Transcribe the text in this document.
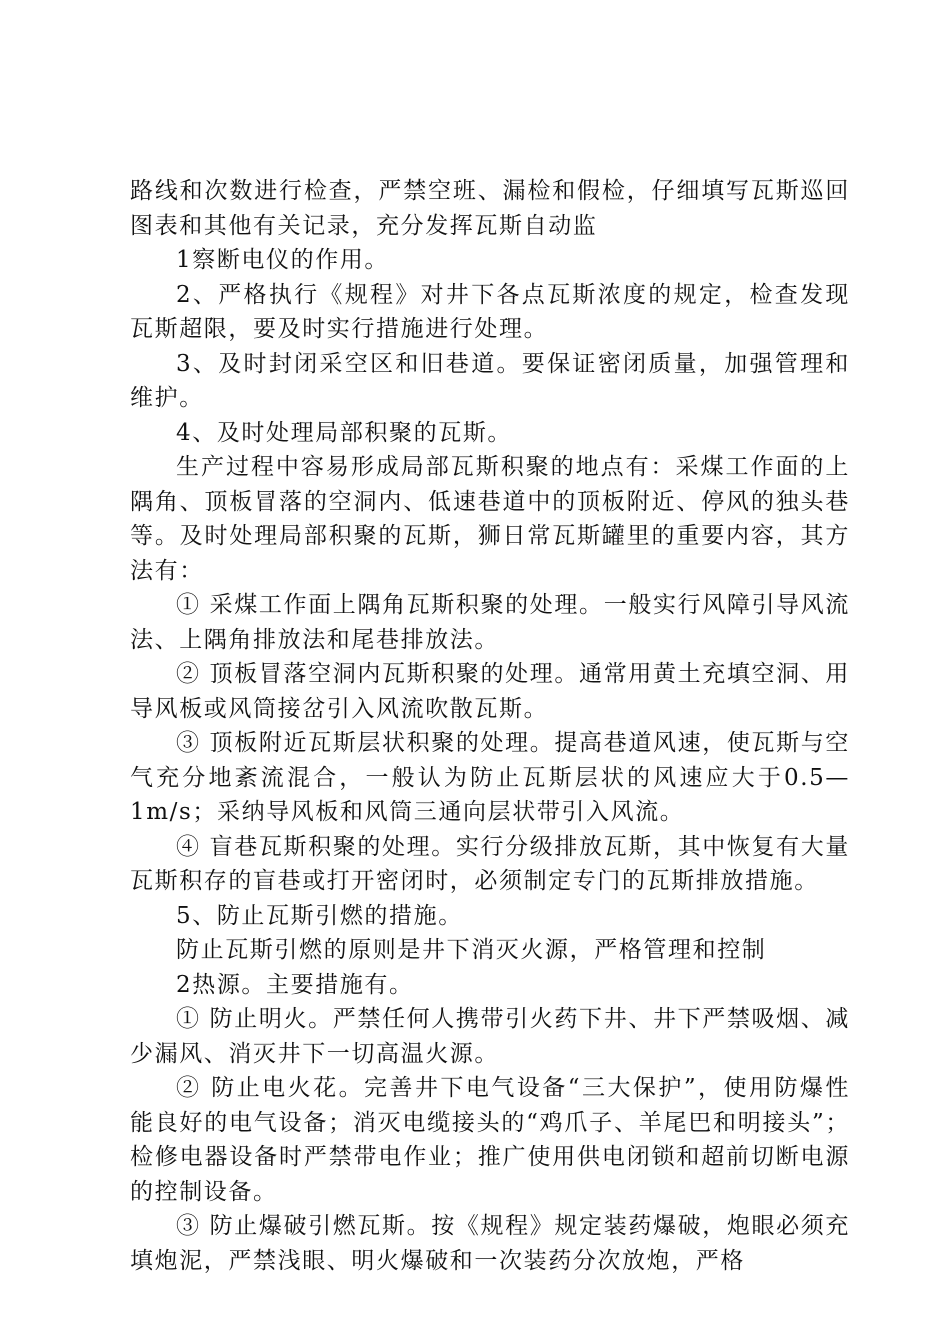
路线和次数进行检查，严禁空班、漏检和假检，仔细填写瓦斯巡回图表和其他有关记录，充分发挥瓦斯自动监

1察断电仪的作用。

2、严格执行《规程》对井下各点瓦斯浓度的规定，检查发现瓦斯超限，要及时实行措施进行处理。

3、及时封闭采空区和旧巷道。要保证密闭质量，加强管理和维护。

4、及时处理局部积聚的瓦斯。

生产过程中容易形成局部瓦斯积聚的地点有：采煤工作面的上隅角、顶板冒落的空洞内、低速巷道中的顶板附近、停风的独头巷等。及时处理局部积聚的瓦斯，狮日常瓦斯罐里的重要内容，其方法有：

① 采煤工作面上隅角瓦斯积聚的处理。一般实行风障引导风流法、上隅角排放法和尾巷排放法。

② 顶板冒落空洞内瓦斯积聚的处理。通常用黄土充填空洞、用导风板或风筒接岔引入风流吹散瓦斯。

③ 顶板附近瓦斯层状积聚的处理。提高巷道风速，使瓦斯与空气充分地紊流混合，一般认为防止瓦斯层状的风速应大于0.5—1m/s；采纳导风板和风筒三通向层状带引入风流。

④ 盲巷瓦斯积聚的处理。实行分级排放瓦斯，其中恢复有大量瓦斯积存的盲巷或打开密闭时，必须制定专门的瓦斯排放措施。

5、防止瓦斯引燃的措施。

防止瓦斯引燃的原则是井下消灭火源，严格管理和控制

2热源。主要措施有。

① 防止明火。严禁任何人携带引火药下井、井下严禁吸烟、减少漏风、消灭井下一切高温火源。

② 防止电火花。完善井下电气设备“三大保护”，使用防爆性能良好的电气设备；消灭电缆接头的“鸡爪子、羊尾巴和明接头”；检修电器设备时严禁带电作业；推广使用供电闭锁和超前切断电源的控制设备。

③ 防止爆破引燃瓦斯。按《规程》规定装药爆破，炮眼必须充填炮泥，严禁浅眼、明火爆破和一次装药分次放炮，严格
